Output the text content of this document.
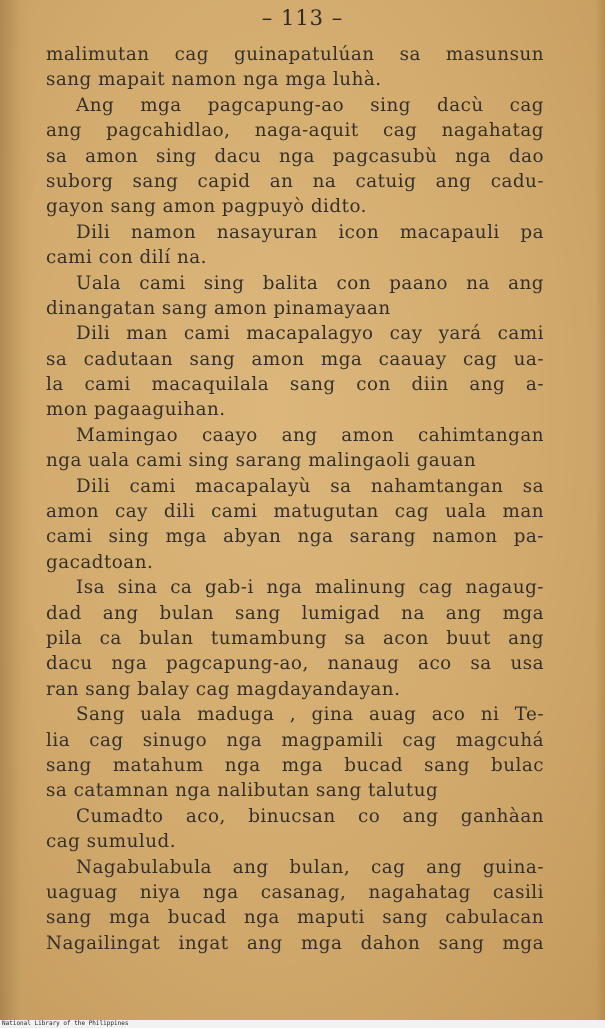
– 113 –
malimutan cag guinapatulúan sa masunsun
sang mapait namon nga mga luhà.
Ang mga pagcapung-ao sing dacù cag
ang pagcahidlao, naga-aquit cag nagahatag
sa amon sing dacu nga pagcasubù nga dao
suborg sang capid an na catuig ang cadu-
gayon sang amon pagpuyò didto.
Dili namon nasayuran icon macapauli pa
cami con dilí na.
Uala cami sing balita con paano na ang
dinangatan sang amon pinamayaan
Dili man cami macapalagyo cay yará cami
sa cadutaan sang amon mga caauay cag ua-
la cami macaquilala sang con diin ang a-
mon pagaaguihan.
Mamingao caayo ang amon cahimtangan
nga uala cami sing sarang malingaoli gauan
Dili cami macapalayù sa nahamtangan sa
amon cay dili cami matugutan cag uala man
cami sing mga abyan nga sarang namon pa-
gacadtoan.
Isa sina ca gab-i nga malinung cag nagaug-
dad ang bulan sang lumigad na ang mga
pila ca bulan tumambung sa acon buut ang
dacu nga pagcapung-ao, nanaug aco sa usa
ran sang balay cag magdayandayan.
Sang uala maduga , gina auag aco ni Te-
lia cag sinugo nga magpamili cag magcuhá
sang matahum nga mga bucad sang bulac
sa catamnan nga nalibutan sang talutug
Cumadto aco, binucsan co ang ganhàan
cag sumulud.
Nagabulabula ang bulan, cag ang guina-
uaguag niya nga casanag, nagahatag casili
sang mga bucad nga maputi sang cabulacan
Nagailingat ingat ang mga dahon sang mga
National Library of the Philippines
